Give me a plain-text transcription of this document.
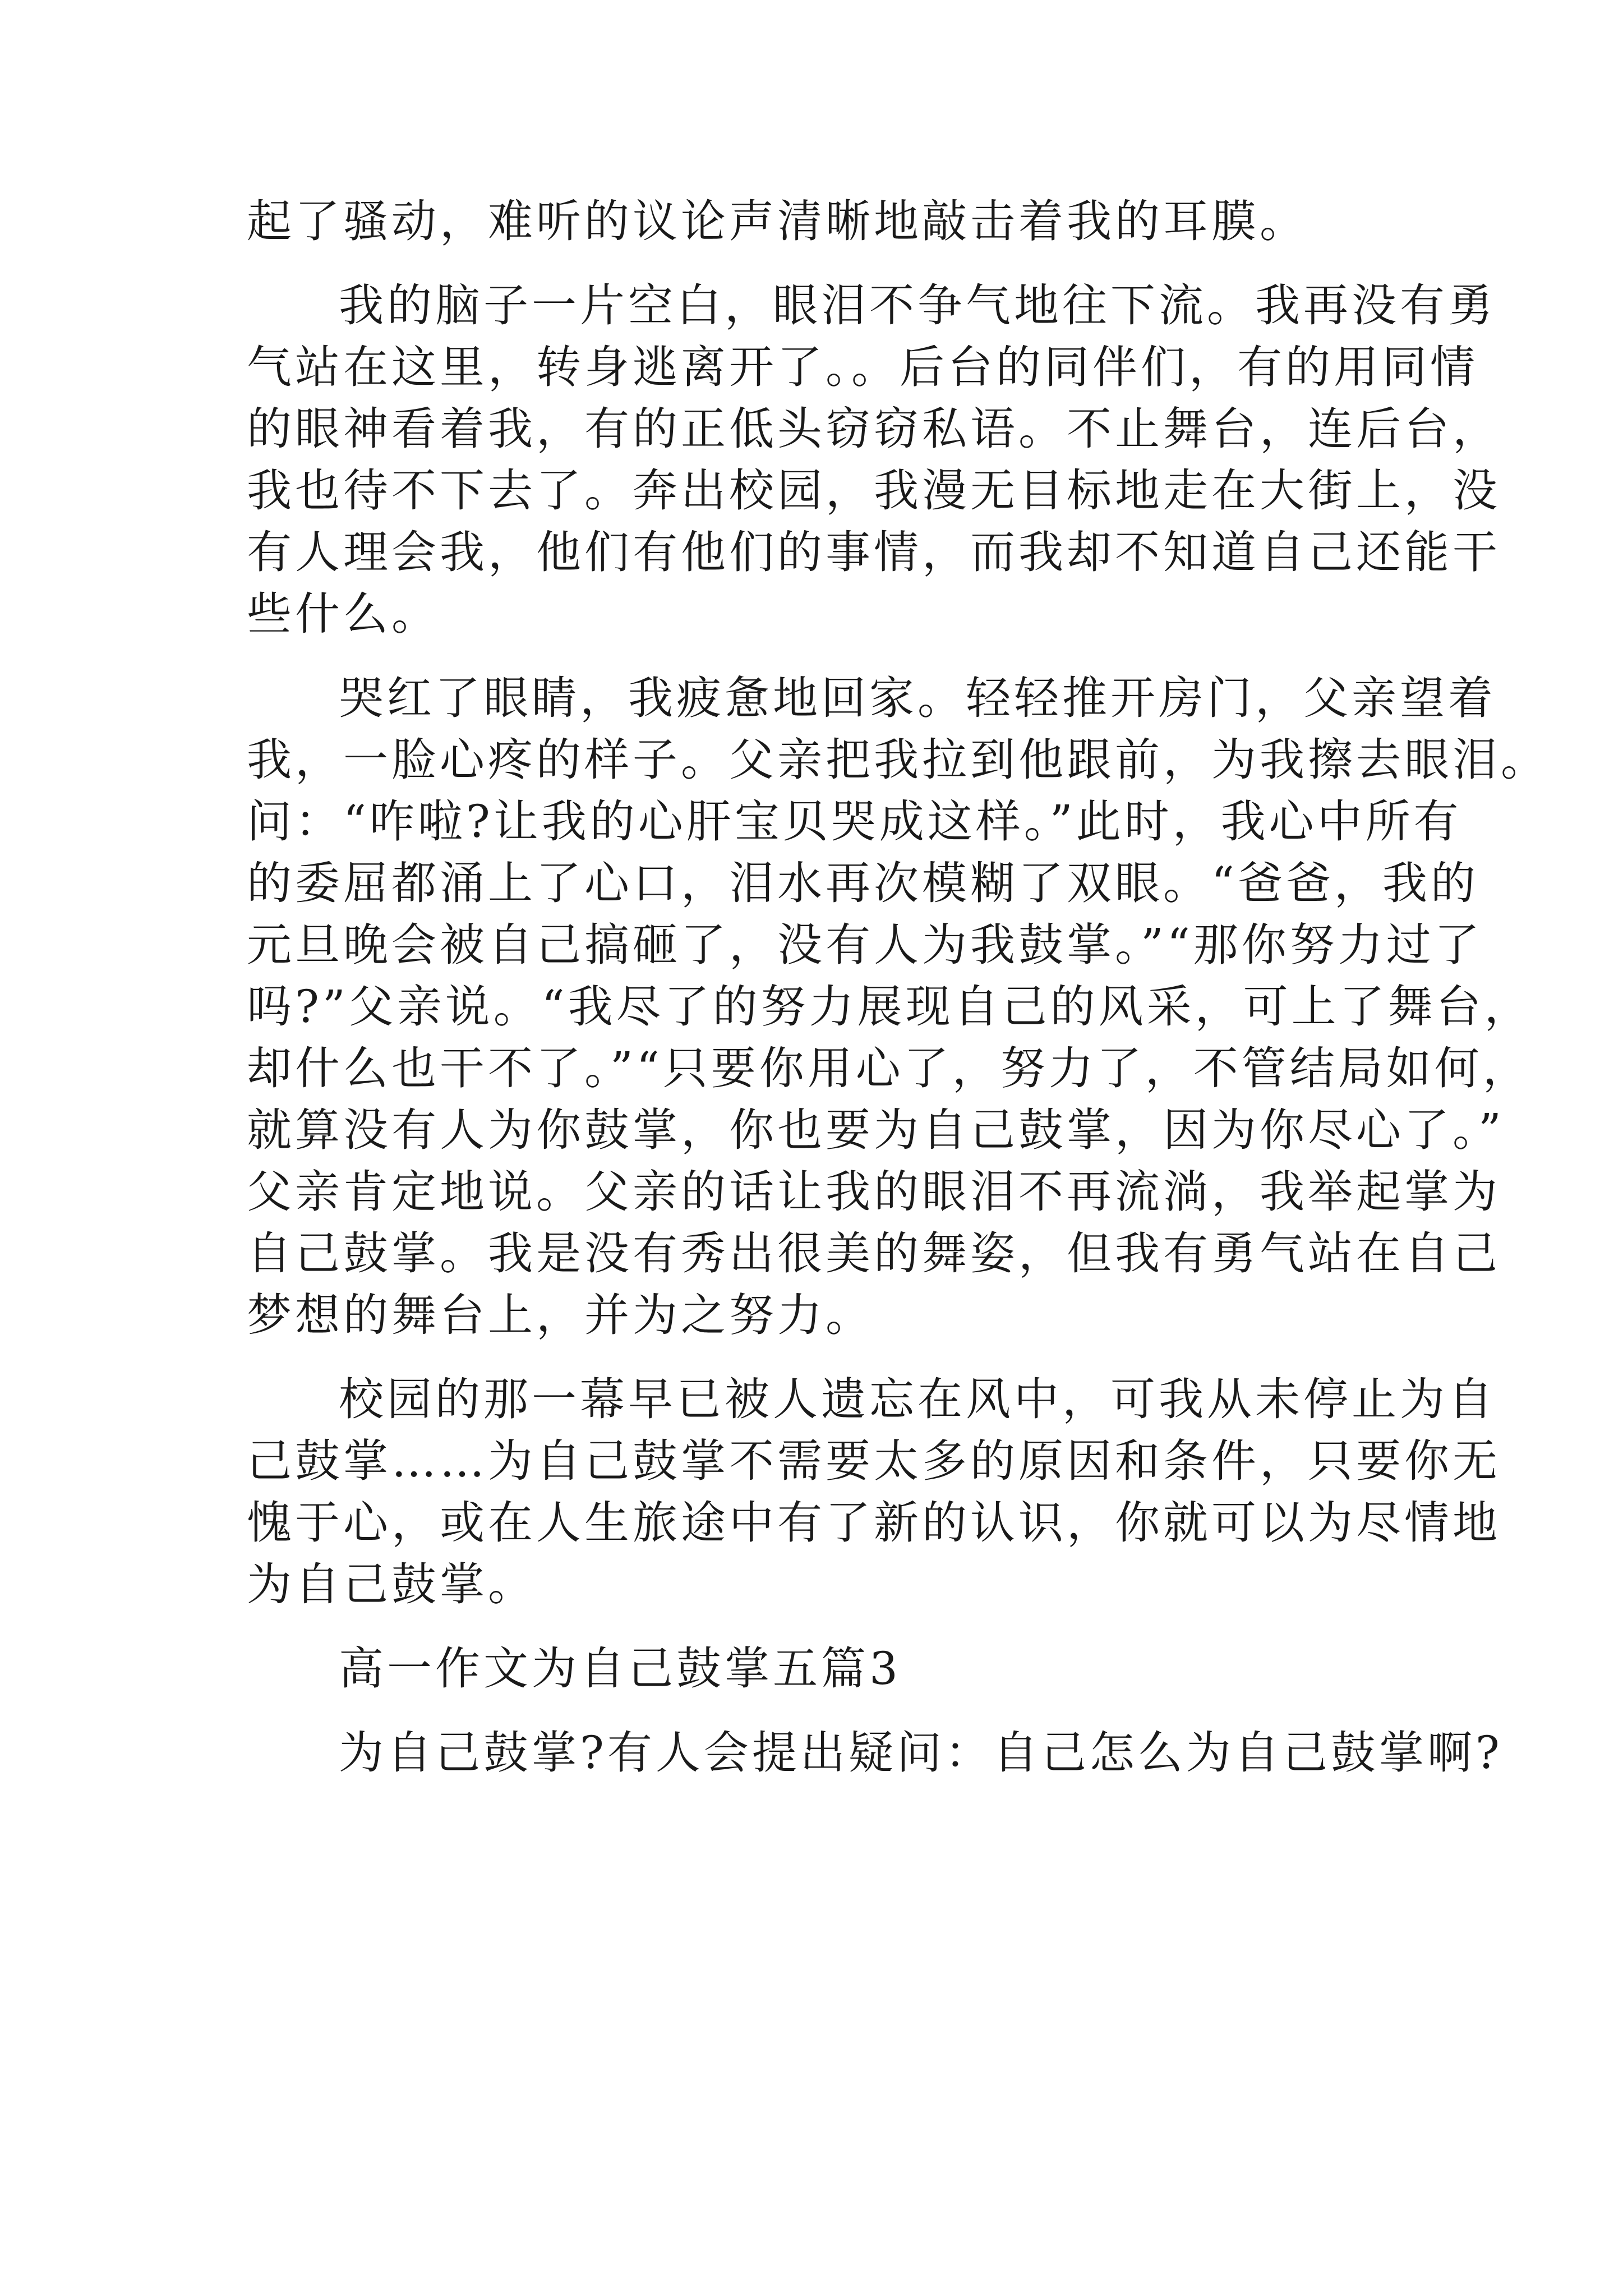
起了骚动，难听的议论声清晰地敲击着我的耳膜。
我的脑子一片空白，眼泪不争气地往下流。我再没有勇
气站在这里，转身逃离开了。。后台的同伴们，有的用同情
的眼神看着我，有的正低头窃窃私语。不止舞台，连后台，
我也待不下去了。奔出校园，我漫无目标地走在大街上，没
有人理会我，他们有他们的事情，而我却不知道自己还能干
些什么。
哭红了眼睛，我疲惫地回家。轻轻推开房门，父亲望着
我，一脸心疼的样子。父亲把我拉到他跟前，为我擦去眼泪。
问：“咋啦?让我的心肝宝贝哭成这样。”此时，我心中所有
的委屈都涌上了心口，泪水再次模糊了双眼。“爸爸，我的
元旦晚会被自己搞砸了，没有人为我鼓掌。”“那你努力过了
吗?”父亲说。“我尽了的努力展现自己的风采，可上了舞台，
却什么也干不了。”“只要你用心了，努力了，不管结局如何，
就算没有人为你鼓掌，你也要为自己鼓掌，因为你尽心了。”
父亲肯定地说。父亲的话让我的眼泪不再流淌，我举起掌为
自己鼓掌。我是没有秀出很美的舞姿，但我有勇气站在自己
梦想的舞台上，并为之努力。
校园的那一幕早已被人遗忘在风中，可我从未停止为自
己鼓掌……为自己鼓掌不需要太多的原因和条件，只要你无
愧于心，或在人生旅途中有了新的认识，你就可以为尽情地
为自己鼓掌。
高一作文为自己鼓掌五篇3
为自己鼓掌?有人会提出疑问：自己怎么为自己鼓掌啊?
